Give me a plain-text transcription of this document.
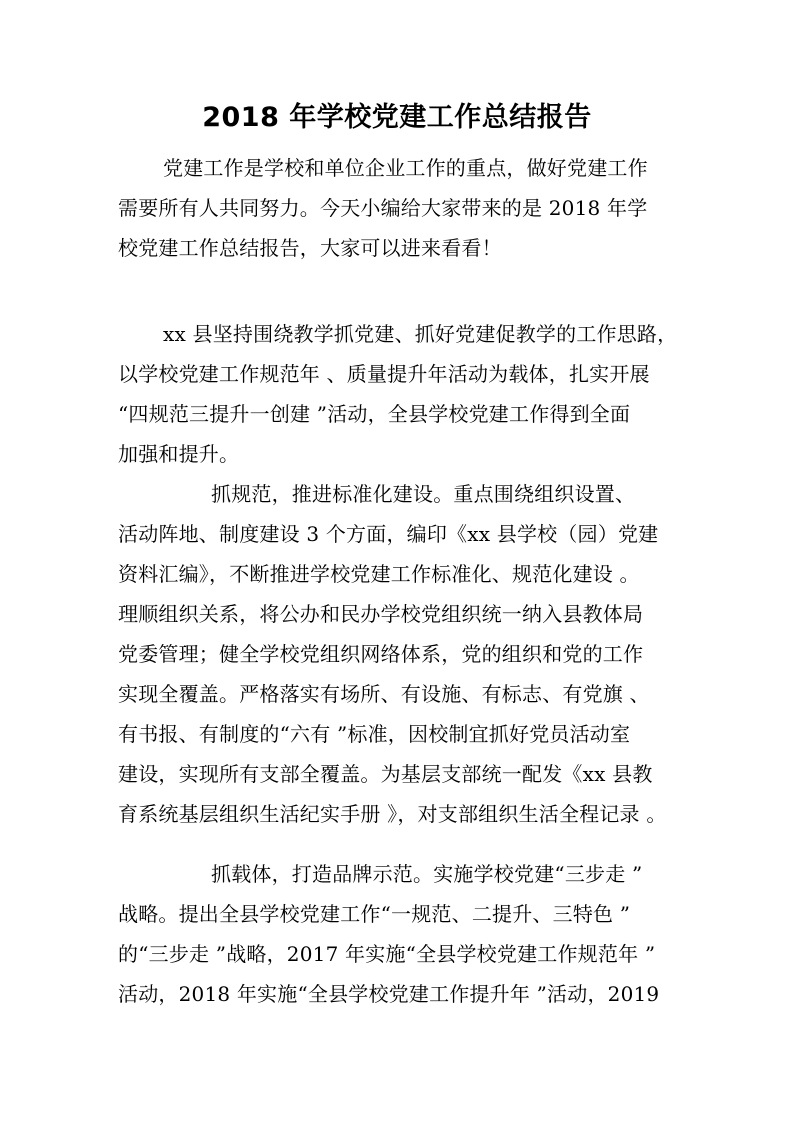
2018 年学校党建工作总结报告
党建工作是学校和单位企业工作的重点，做好党建工作
需要所有人共同努力。今天小编给大家带来的是 2018 年学
校党建工作总结报告，大家可以进来看看！
xx 县坚持围绕教学抓党建、抓好党建促教学的工作思路，
以学校党建工作规范年 、质量提升年活动为载体，扎实开展
“四规范三提升一创建 ”活动，全县学校党建工作得到全面
加强和提升。
抓规范，推进标准化建设。重点围绕组织设置、
活动阵地、制度建设 3 个方面，编印《xx 县学校（园）党建
资料汇编》，不断推进学校党建工作标准化、规范化建设 。
理顺组织关系，将公办和民办学校党组织统一纳入县教体局
党委管理；健全学校党组织网络体系，党的组织和党的工作
实现全覆盖。严格落实有场所、有设施、有标志、有党旗 、
有书报、有制度的“六有 ”标准，因校制宜抓好党员活动室
建设，实现所有支部全覆盖。为基层支部统一配发《xx 县教
育系统基层组织生活纪实手册 》，对支部组织生活全程记录 。
抓载体，打造品牌示范。实施学校党建“三步走 ”
战略。提出全县学校党建工作“一规范、二提升、三特色 ”
的“三步走 ”战略，2017 年实施“全县学校党建工作规范年 ”
活动，2018 年实施“全县学校党建工作提升年 ”活动，2019
